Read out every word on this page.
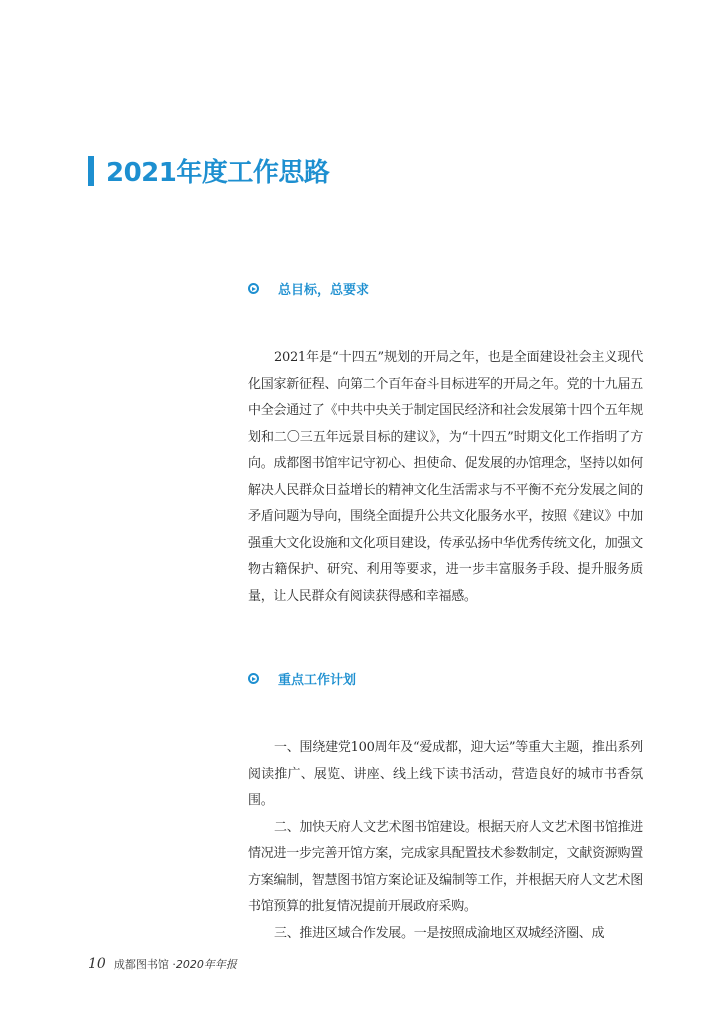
2021年度工作思路
总目标，总要求

2021年是“十四五”规划的开局之年，也是全面建设社会主义现代化国家新征程、向第二个百年奋斗目标进军的开局之年。党的十九届五中全会通过了《中共中央关于制定国民经济和社会发展第十四个五年规划和二〇三五年远景目标的建议》，为“十四五”时期文化工作指明了方向。成都图书馆牢记守初心、担使命、促发展的办馆理念，坚持以如何解决人民群众日益增长的精神文化生活需求与不平衡不充分发展之间的矛盾问题为导向，围绕全面提升公共文化服务水平，按照《建议》中加强重大文化设施和文化项目建设，传承弘扬中华优秀传统文化，加强文物古籍保护、研究、利用等要求，进一步丰富服务手段、提升服务质量，让人民群众有阅读获得感和幸福感。

重点工作计划

一、围绕建党100周年及“爱成都，迎大运”等重大主题，推出系列阅读推广、展览、讲座、线上线下读书活动，营造良好的城市书香氛围。

二、加快天府人文艺术图书馆建设。根据天府人文艺术图书馆推进情况进一步完善开馆方案，完成家具配置技术参数制定，文献资源购置方案编制，智慧图书馆方案论证及编制等工作，并根据天府人文艺术图书馆预算的批复情况提前开展政府采购。

三、推进区域合作发展。一是按照成渝地区双城经济圈、成

10 成都图书馆 · 2020年年报
